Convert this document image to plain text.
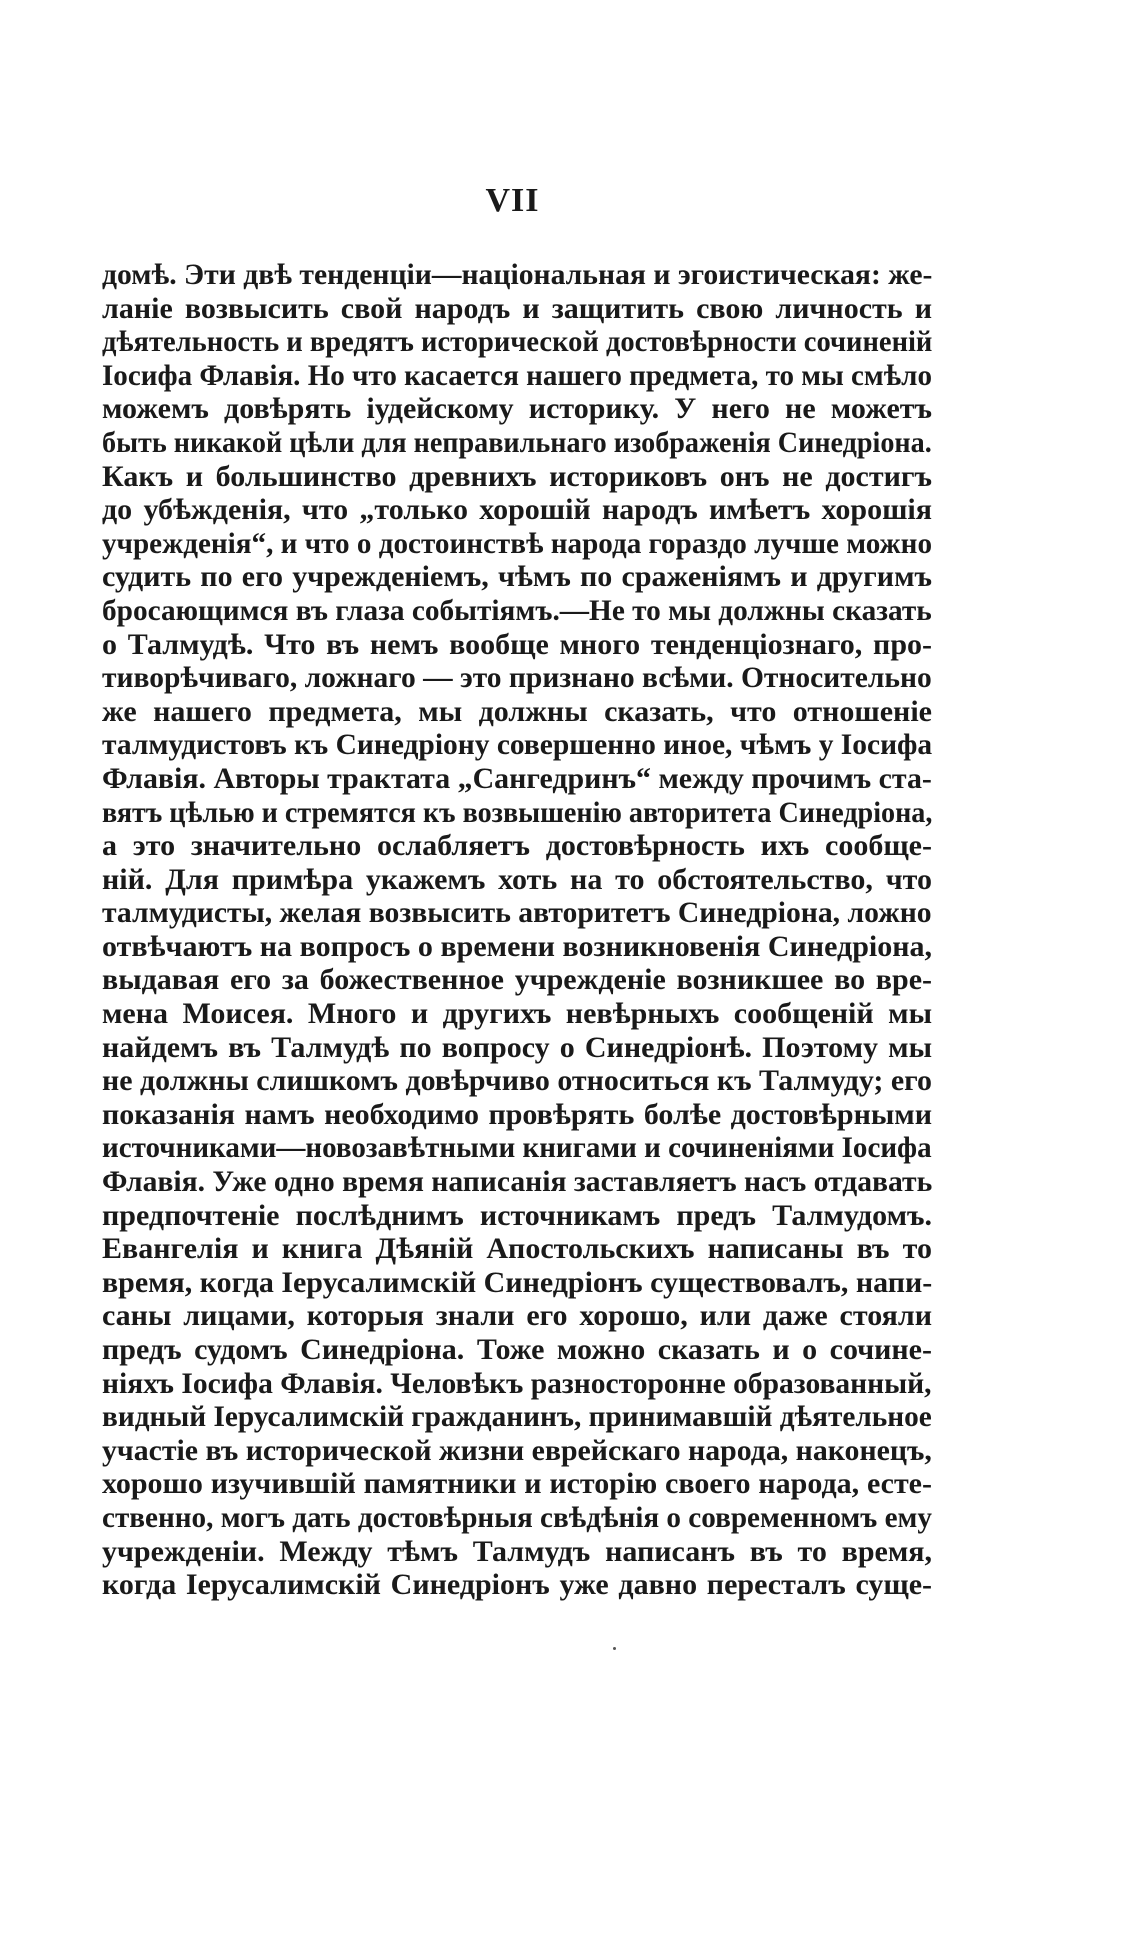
VII
домѣ. Эти двѣ тенденціи—національная и эгоистическая: же-
ланіе возвысить свой народъ и защитить свою личность и
дѣятельность и вредятъ исторической достовѣрности сочиненій
Іосифа Флавія. Но что касается нашего предмета, то мы смѣло
можемъ довѣрять іудейскому историку. У него не можетъ
быть никакой цѣли для неправильнаго изображенія Синедріона.
Какъ и большинство древнихъ историковъ онъ не достигъ
до убѣжденія, что „только хорошій народъ имѣетъ хорошія
учрежденія“, и что о достоинствѣ народа гораздо лучше можно
судить по его учрежденіемъ, чѣмъ по сраженіямъ и другимъ
бросающимся въ глаза событіямъ.—Не то мы должны сказать
о Талмудѣ. Что въ немъ вообще много тенденціознаго, про-
тиворѣчиваго, ложнаго — это признано всѣми. Относительно
же нашего предмета, мы должны сказать, что отношеніе
талмудистовъ къ Синедріону совершенно иное, чѣмъ у Іосифа
Флавія. Авторы трактата „Сангедринъ“ между прочимъ ста-
вятъ цѣлью и стремятся къ возвышенію авторитета Синедріона,
а это значительно ослабляетъ достовѣрность ихъ сообще-
ній. Для примѣра укажемъ хоть на то обстоятельство, что
талмудисты, желая возвысить авторитетъ Синедріона, ложно
отвѣчаютъ на вопросъ о времени возникновенія Синедріона,
выдавая его за божественное учрежденіе возникшее во вре-
мена Моисея. Много и другихъ невѣрныхъ сообщеній мы
найдемъ въ Талмудѣ по вопросу о Синедріонѣ. Поэтому мы
не должны слишкомъ довѣрчиво относиться къ Талмуду; его
показанія намъ необходимо провѣрять болѣе достовѣрными
источниками—новозавѣтными книгами и сочиненіями Іосифа
Флавія. Уже одно время написанія заставляетъ насъ отдавать
предпочтеніе послѣднимъ источникамъ предъ Талмудомъ.
Евангелія и книга Дѣяній Апостольскихъ написаны въ то
время, когда Іерусалимскій Синедріонъ существовалъ, напи-
саны лицами, которыя знали его хорошо, или даже стояли
предъ судомъ Синедріона. Тоже можно сказать и о сочине-
ніяхъ Іосифа Флавія. Человѣкъ разносторонне образованный,
видный Іерусалимскій гражданинъ, принимавшій дѣятельное
участіе въ исторической жизни еврейскаго народа, наконецъ,
хорошо изучившій памятники и исторію своего народа, есте-
ственно, могъ дать достовѣрныя свѣдѣнія о современномъ ему
учрежденіи. Между тѣмъ Талмудъ написанъ въ то время,
когда Іерусалимскій Синедріонъ уже давно пересталъ суще-
